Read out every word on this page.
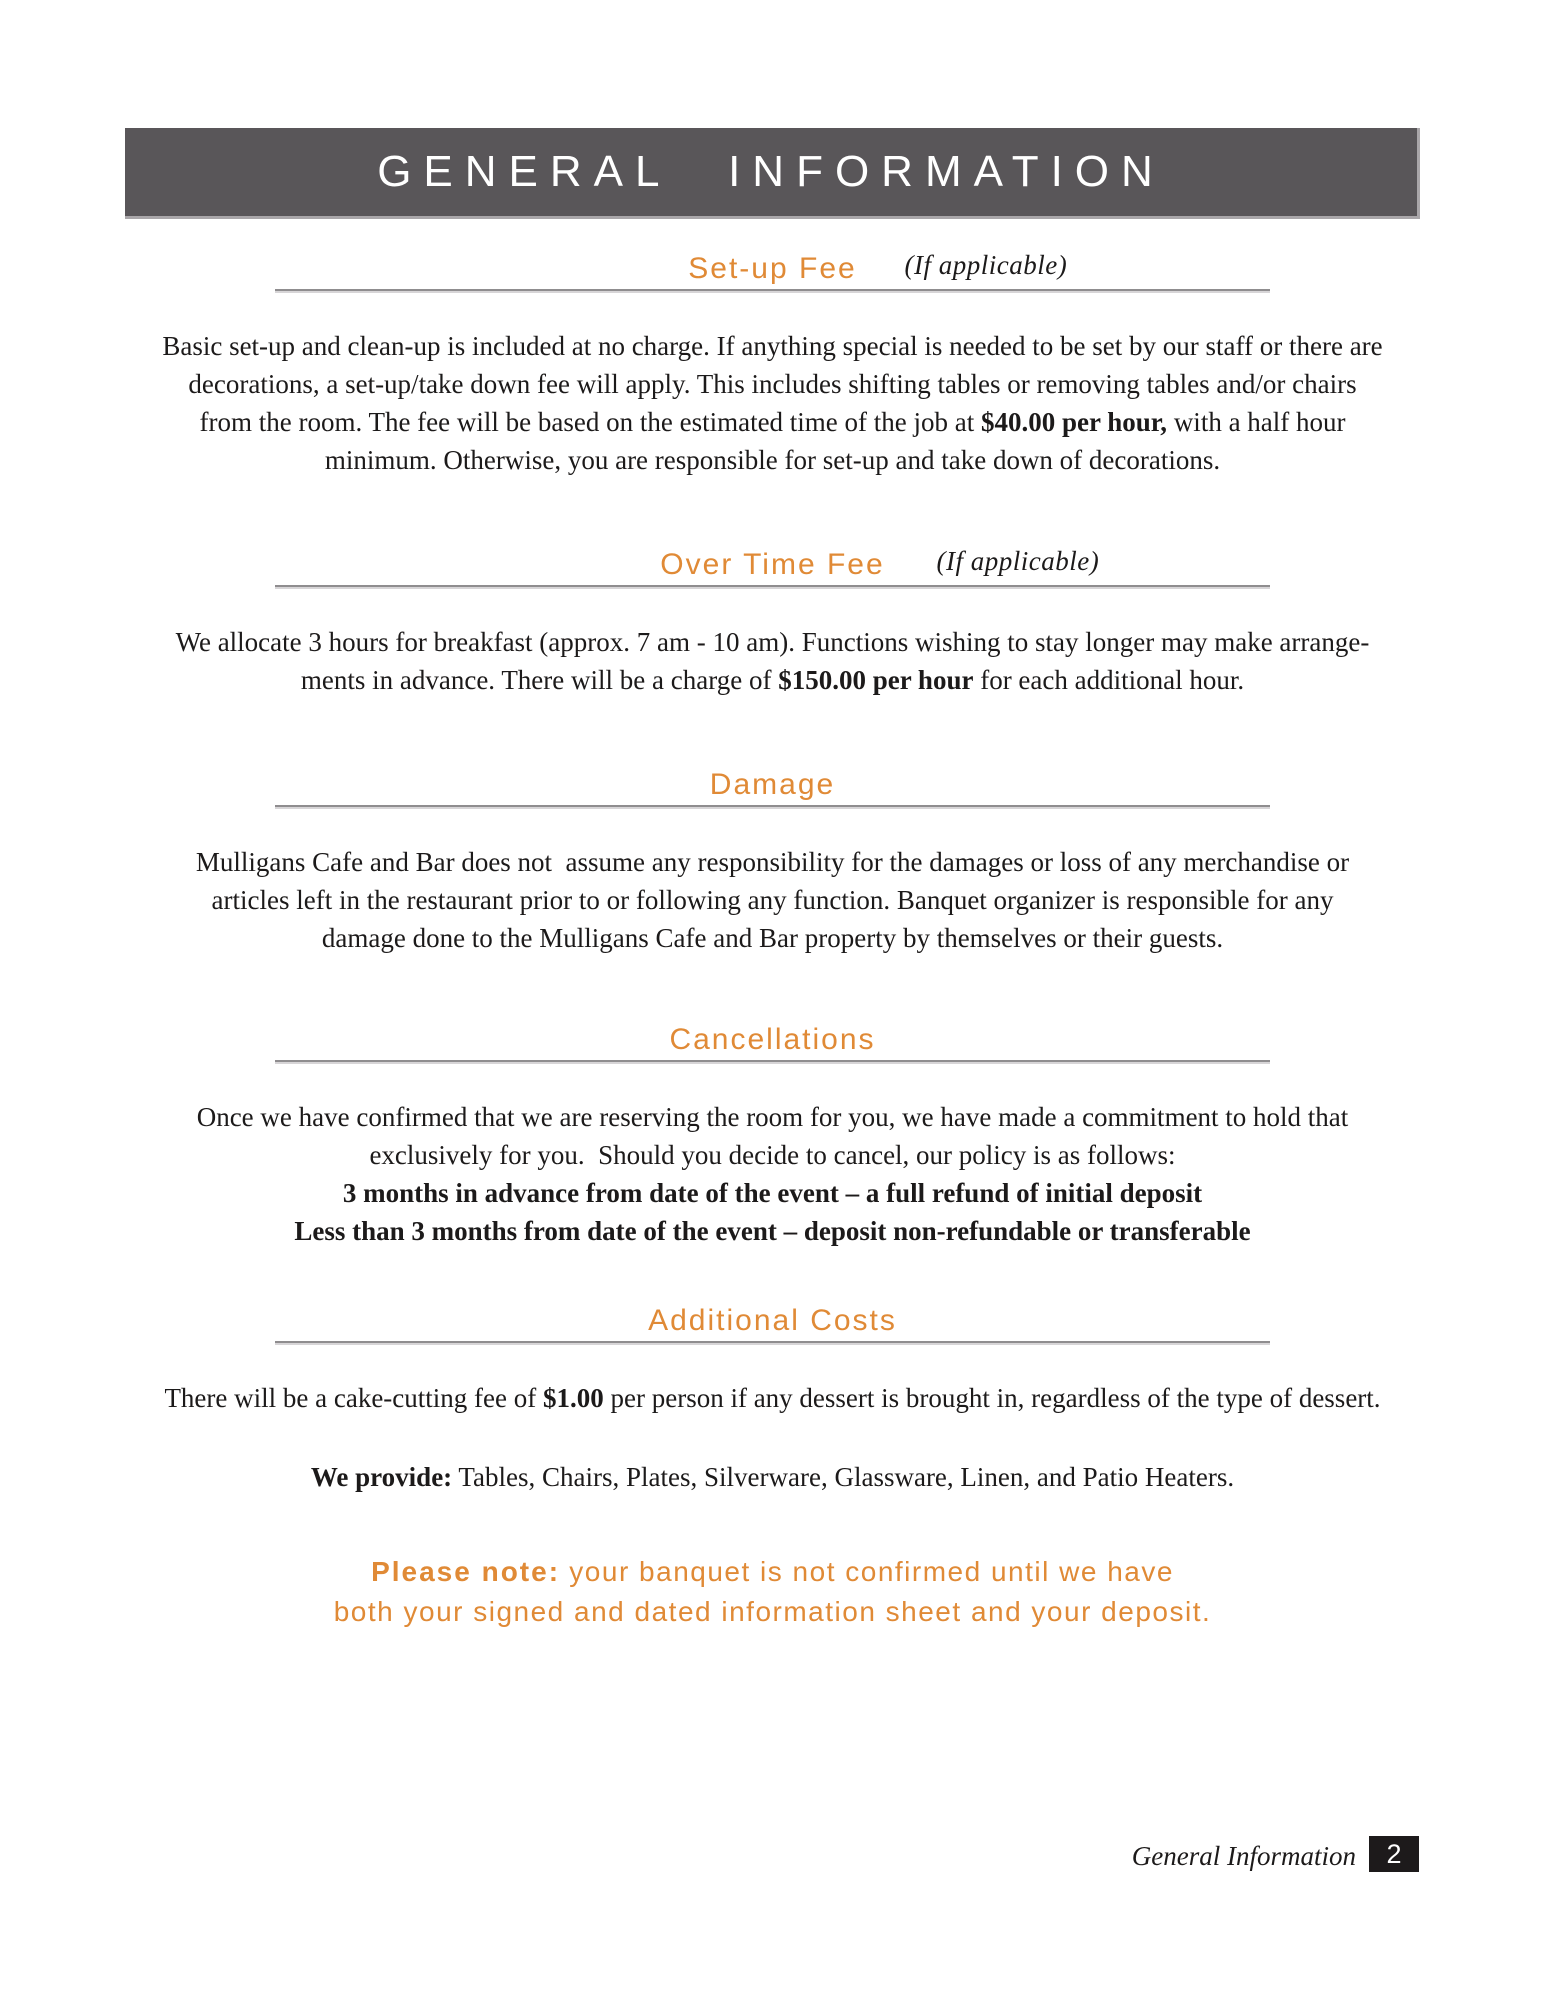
GENERAL INFORMATION
Set-up Fee (If applicable)
Basic set-up and clean-up is included at no charge. If anything special is needed to be set by our staff or there are
decorations, a set-up/take down fee will apply. This includes shifting tables or removing tables and/or chairs
from the room. The fee will be based on the estimated time of the job at $40.00 per hour, with a half hour
minimum. Otherwise, you are responsible for set-up and take down of decorations.
Over Time Fee (If applicable)
We allocate 3 hours for breakfast (approx. 7 am - 10 am). Functions wishing to stay longer may make arrange-
ments in advance. There will be a charge of $150.00 per hour for each additional hour.
Damage
Mulligans Cafe and Bar does not  assume any responsibility for the damages or loss of any merchandise or
articles left in the restaurant prior to or following any function. Banquet organizer is responsible for any
damage done to the Mulligans Cafe and Bar property by themselves or their guests.
Cancellations
Once we have confirmed that we are reserving the room for you, we have made a commitment to hold that
exclusively for you.  Should you decide to cancel, our policy is as follows:
3 months in advance from date of the event – a full refund of initial deposit
Less than 3 months from date of the event – deposit non-refundable or transferable
Additional Costs
There will be a cake-cutting fee of $1.00 per person if any dessert is brought in, regardless of the type of dessert.
We provide: Tables, Chairs, Plates, Silverware, Glassware, Linen, and Patio Heaters.
Please note: your banquet is not confirmed until we have
both your signed and dated information sheet and your deposit.
General Information 2
